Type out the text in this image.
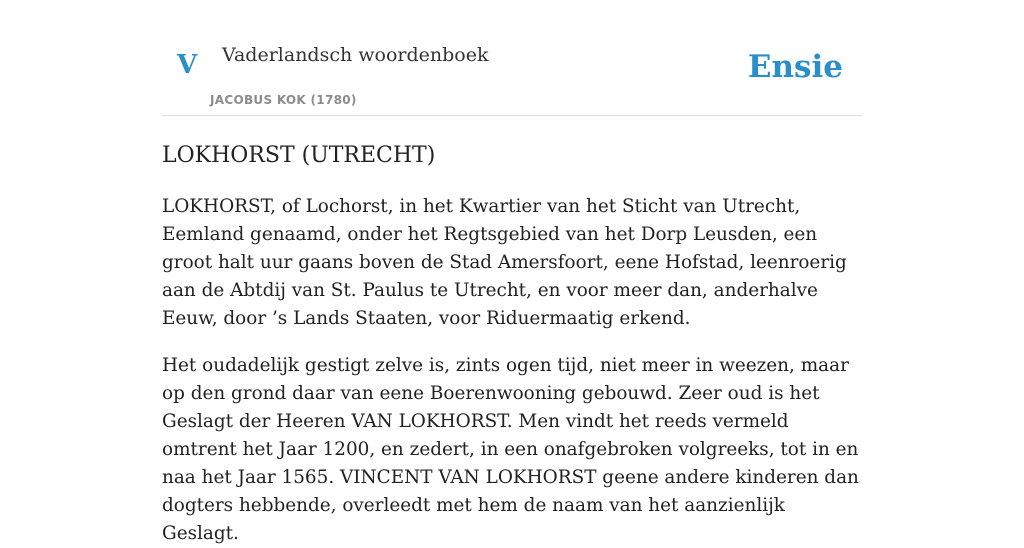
V Vaderlandsch woordenboek
JACOBUS KOK (1780)
Ensie
LOKHORST (UTRECHT)

LOKHORST, of Lochorst, in het Kwartier van het Sticht van Utrecht, Eemland genaamd, onder het Regtsgebied van het Dorp Leusden, een groot halt uur gaans boven de Stad Amersfoort, eene Hofstad, leenroerig aan de Abtdij van St. Paulus te Utrecht, en voor meer dan, anderhalve Eeuw, door ’s Lands Staaten, voor Riduermaatig erkend.

Het oudadelijk gestigt zelve is, zints ogen tijd, niet meer in weezen, maar op den grond daar van eene Boerenwooning gebouwd. Zeer oud is het Geslagt der Heeren VAN LOKHORST. Men vindt het reeds vermeld omtrent het Jaar 1200, en zedert, in een onafgebroken volgreeks, tot in en naa het Jaar 1565. VINCENT VAN LOKHORST geene andere kinderen dan dogters hebbende, overleedt met hem de naam van het aanzienlijk Geslagt.
